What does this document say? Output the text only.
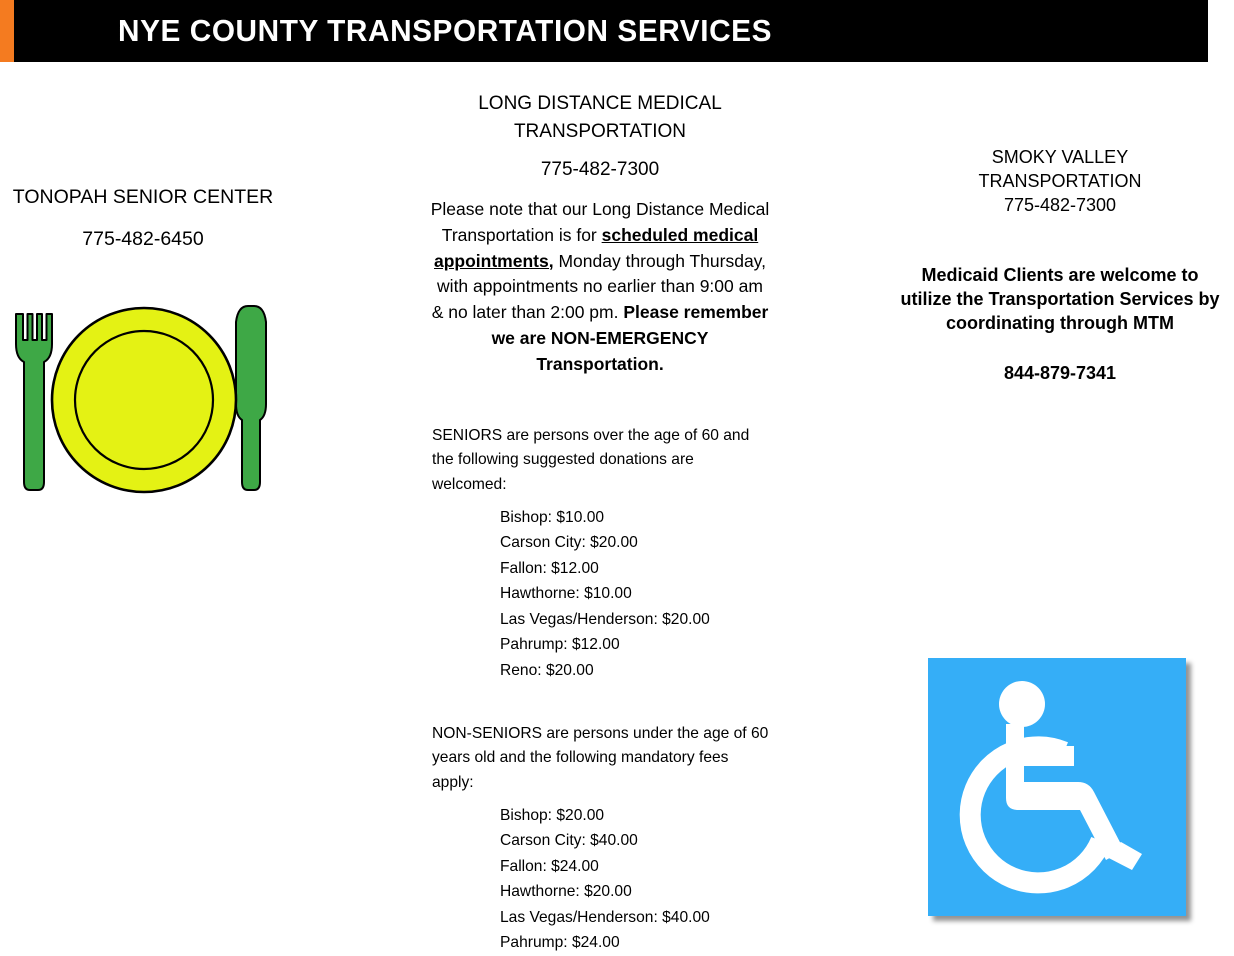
NYE COUNTY TRANSPORTATION SERVICES
TONOPAH SENIOR CENTER
775-482-6450
LONG DISTANCE MEDICAL
TRANSPORTATION
775-482-7300
Please note that our Long Distance Medical Transportation is for scheduled medical appointments, Monday through Thursday, with appointments no earlier than 9:00 am & no later than 2:00 pm. Please remember we are NON-EMERGENCY Transportation.
SENIORS are persons over the age of 60 and the following suggested donations are welcomed:
Bishop: $10.00
Carson City: $20.00
Fallon: $12.00
Hawthorne: $10.00
Las Vegas/Henderson: $20.00
Pahrump: $12.00
Reno: $20.00
NON-SENIORS are persons under the age of 60 years old and the following mandatory fees apply:
Bishop: $20.00
Carson City: $40.00
Fallon: $24.00
Hawthorne: $20.00
Las Vegas/Henderson: $40.00
Pahrump: $24.00
SMOKY VALLEY
TRANSPORTATION
775-482-7300
Medicaid Clients are welcome to utilize the Transportation Services by coordinating through MTM
844-879-7341
